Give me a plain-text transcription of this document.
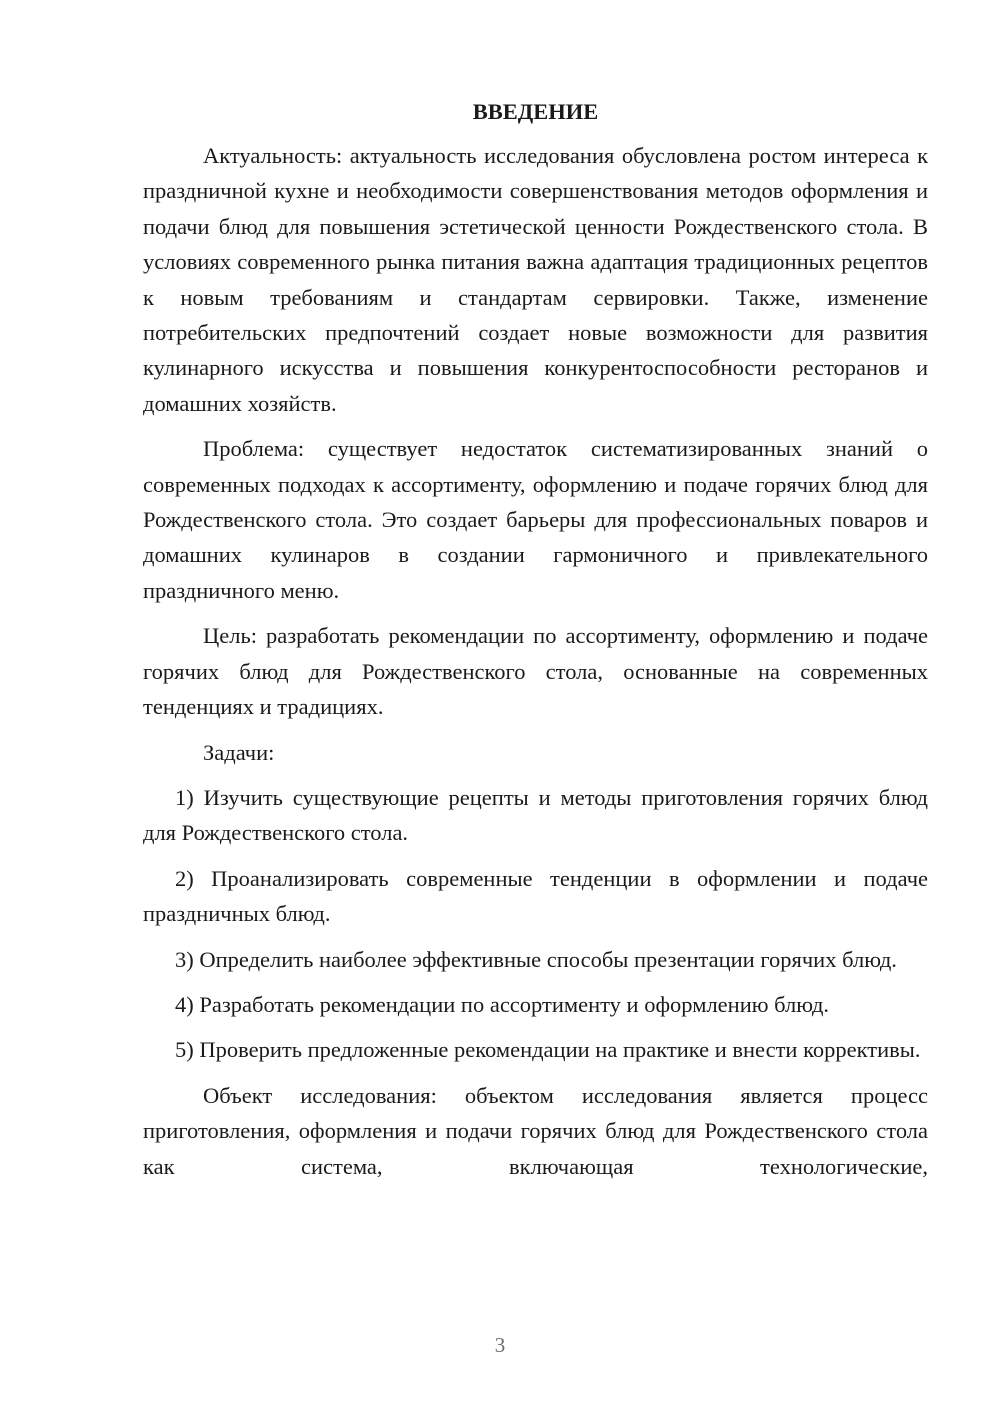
ВВЕДЕНИЕ

Актуальность: актуальность исследования обусловлена ростом интереса к праздничной кухне и необходимости совершенствования методов оформления и подачи блюд для повышения эстетической ценности Рождественского стола. В условиях современного рынка питания важна адаптация традиционных рецептов к новым требованиям и стандартам сервировки. Также, изменение потребительских предпочтений создает новые возможности для развития кулинарного искусства и повышения конкурентоспособности ресторанов и домашних хозяйств.

Проблема: существует недостаток систематизированных знаний о современных подходах к ассортименту, оформлению и подаче горячих блюд для Рождественского стола. Это создает барьеры для профессиональных поваров и домашних кулинаров в создании гармоничного и привлекательного праздничного меню.

Цель: разработать рекомендации по ассортименту, оформлению и подаче горячих блюд для Рождественского стола, основанные на современных тенденциях и традициях.

Задачи:

1) Изучить существующие рецепты и методы приготовления горячих блюд для Рождественского стола.

2) Проанализировать современные тенденции в оформлении и подаче праздничных блюд.

3) Определить наиболее эффективные способы презентации горячих блюд.

4) Разработать рекомендации по ассортименту и оформлению блюд.

5) Проверить предложенные рекомендации на практике и внести коррективы.

Объект исследования: объектом исследования является процесс приготовления, оформления и подачи горячих блюд для Рождественского стола как система, включающая технологические,

3
